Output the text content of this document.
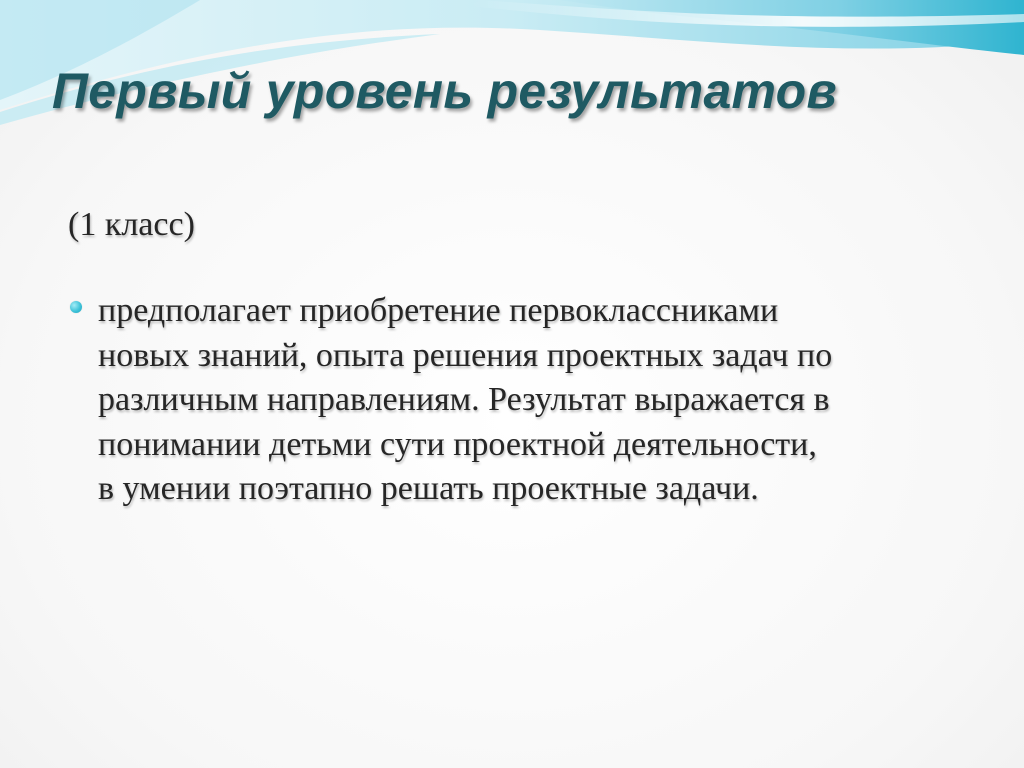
Первый уровень результатов
(1 класс)
предполагает приобретение первоклассниками
новых знаний, опыта решения проектных задач по
различным направлениям. Результат выражается в
понимании детьми сути проектной деятельности,
в умении поэтапно решать проектные задачи.
